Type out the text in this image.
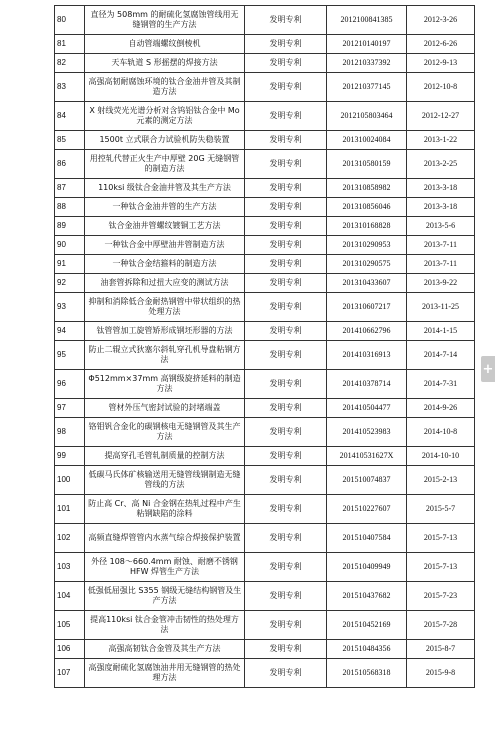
80	直径为 508mm 的耐硫化氢腐蚀管线用无缝钢管的生产方法	发明专利	2012100841385	2012-3-26
81	自动管端螺纹倒棱机	发明专利	201210140197	2012-6-26
82	天车轨道 S 形摇摆的焊接方法	发明专利	201210337392	2012-9-13
83	高强高韧耐腐蚀环境的钛合金油井管及其制造方法	发明专利	201210377145	2012-10-8
84	X 射线荧光光谱分析对含钨铝钛合金中 Mo 元素的测定方法	发明专利	2012105803464	2012-12-27
85	1500t 立式联合力试验机防失稳装置	发明专利	201310024084	2013-1-22
86	用控轧代替正火生产中厚壁 20G 无缝钢管的制造方法	发明专利	201310580159	2013-2-25
87	110ksi 级钛合金油井管及其生产方法	发明专利	201310858982	2013-3-18
88	一种钛合金油井管的生产方法	发明专利	201310856046	2013-3-18
89	钛合金油井管螺纹镀铜工艺方法	发明专利	201310168828	2013-5-6
90	一种钛合金中厚壁油井管制造方法	发明专利	201310290953	2013-7-11
91	一种钛合金结箍料的制造方法	发明专利	201310290575	2013-7-11
92	油套管拆除和过扭大应变的测试方法	发明专利	201310433607	2013-9-22
93	抑制和消除低合金耐热钢管中带状组织的热处理方法	发明专利	201310607217	2013-11-25
94	钛管管加工旋管矫形成钢坯形器的方法	发明专利	201410662796	2014-1-15
95	防止二辊立式狄塞尔斜轧穿孔机导盘粘钢方法	发明专利	201410316913	2014-7-14
96	Φ512mm×37mm 高钢级旋挤延料的制造方法	发明专利	201410378714	2014-7-31
97	管材外压气密封试验的封堵端盖	发明专利	201410504477	2014-9-26
98	铬钼钒合金化的碳钢核电无缝钢管及其生产方法	发明专利	201410523983	2014-10-8
99	提高穿孔毛管轧制质量的控制方法	发明专利	201410531627X	2014-10-10
100	低碳马氏体矿核输送用无缝管线钢制造无缝管线的方法	发明专利	201510074837	2015-2-13
101	防止高 Cr、高 Ni 合金钢在热轧过程中产生粘钢缺陷的涂料	发明专利	201510227607	2015-5-7
102	高频直缝焊管管内水蒸气综合焊接保护装置	发明专利	201510407584	2015-7-13
103	外径 108～660.4mm 耐蚀、耐磨不锈钢 HFW 焊管生产方法	发明专利	201510409949	2015-7-13
104	低强低屈强比 S355 钢级无缝结构钢管及生产方法	发明专利	201510437682	2015-7-23
105	提高110ksi 钛合金管冲击韧性的热处理方法	发明专利	201510452169	2015-7-28
106	高强高韧钛合金管及其生产方法	发明专利	201510484356	2015-8-7
107	高强度耐硫化氢腐蚀油井用无缝钢管的热处理方法	发明专利	201510568318	2015-9-8
+
